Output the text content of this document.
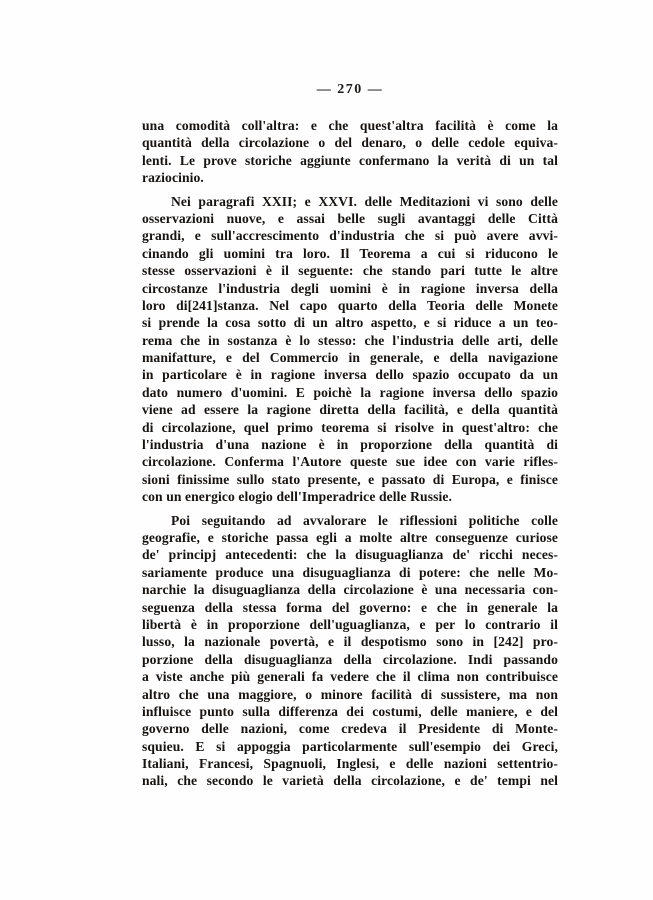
— 270 —
una comodità coll'altra: e che quest'altra facilità è come la
quantità della circolazione o del denaro, o delle cedole equiva-
lenti. Le prove storiche aggiunte confermano la verità di un tal
raziocinio.
Nei paragrafi XXII; e XXVI. delle Meditazioni vi sono delle
osservazioni nuove, e assai belle sugli avantaggi delle Città
grandi, e sull'accrescimento d'industria che si può avere avvi-
cinando gli uomini tra loro. Il Teorema a cui si riducono le
stesse osservazioni è il seguente: che stando pari tutte le altre
circostanze l'industria degli uomini è in ragione inversa della
loro di[241]stanza. Nel capo quarto della Teoria delle Monete
si prende la cosa sotto di un altro aspetto, e si riduce a un teo-
rema che in sostanza è lo stesso: che l'industria delle arti, delle
manifatture, e del Commercio in generale, e della navigazione
in particolare è in ragione inversa dello spazio occupato da un
dato numero d'uomini. E poichè la ragione inversa dello spazio
viene ad essere la ragione diretta della facilità, e della quantità
di circolazione, quel primo teorema si risolve in quest'altro: che
l'industria d'una nazione è in proporzione della quantità di
circolazione. Conferma l'Autore queste sue idee con varie rifles-
sioni finissime sullo stato presente, e passato di Europa, e finisce
con un energico elogio dell'Imperadrice delle Russie.
Poi seguitando ad avvalorare le riflessioni politiche colle
geografie, e storiche passa egli a molte altre conseguenze curiose
de' principj antecedenti: che la disuguaglianza de' ricchi neces-
sariamente produce una disuguaglianza di potere: che nelle Mo-
narchie la disuguaglianza della circolazione è una necessaria con-
seguenza della stessa forma del governo: e che in generale la
libertà è in proporzione dell'uguaglianza, e per lo contrario il
lusso, la nazionale povertà, e il despotismo sono in [242] pro-
porzione della disuguaglianza della circolazione. Indi passando
a viste anche più generali fa vedere che il clima non contribuisce
altro che una maggiore, o minore facilità di sussistere, ma non
influisce punto sulla differenza dei costumi, delle maniere, e del
governo delle nazioni, come credeva il Presidente di Monte-
squieu. E si appoggia particolarmente sull'esempio dei Greci,
Italiani, Francesi, Spagnuoli, Inglesi, e delle nazioni settentrio-
nali, che secondo le varietà della circolazione, e de' tempi nel
